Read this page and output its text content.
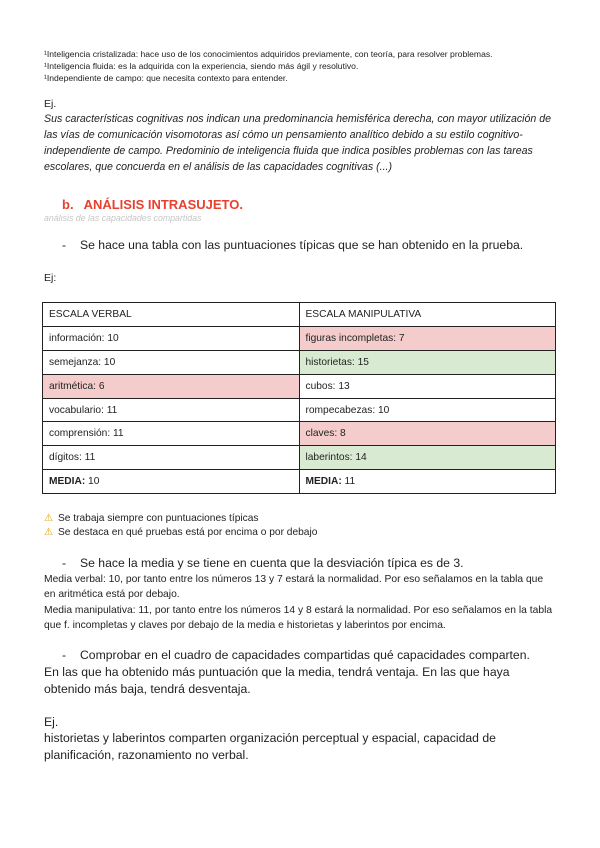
¹Inteligencia cristalizada: hace uso de los conocimientos adquiridos previamente, con teoría, para resolver problemas.
¹Inteligencia fluida: es la adquirida con la experiencia, siendo más ágil y resolutivo.
¹Independiente de campo: que necesita contexto para entender.
Ej.
Sus características cognitivas nos indican una predominancia hemisférica derecha, con mayor utilización de las vías de comunicación visomotoras así cómo un pensamiento analítico debido a su estilo cognitivo-independiente de campo. Predominio de inteligencia fluida que indica posibles problemas con las tareas escolares, que concuerda en el análisis de las capacidades cognitivas (...)
b. ANÁLISIS INTRASUJETO.
análisis de las capacidades compartidas
- Se hace una tabla con las puntuaciones típicas que se han obtenido en la prueba.
Ej:
ESCALA VERBAL	ESCALA MANIPULATIVA
información: 10	figuras incompletas: 7
semejanza: 10	historietas: 15
aritmética: 6	cubos: 13
vocabulario: 11	rompecabezas: 10
comprensión: 11	claves: 8
dígitos: 11	laberintos: 14
MEDIA: 10	MEDIA: 11
⚠ Se trabaja siempre con puntuaciones típicas
⚠ Se destaca en qué pruebas está por encima o por debajo
- Se hace la media y se tiene en cuenta que la desviación típica es de 3.
Media verbal: 10, por tanto entre los números 13 y 7 estará la normalidad. Por eso señalamos en la tabla que en aritmética está por debajo.
Media manipulativa: 11, por tanto entre los números 14 y 8 estará la normalidad. Por eso señalamos en la tabla que f. incompletas y claves por debajo de la media e historietas y laberintos por encima.
- Comprobar en el cuadro de capacidades compartidas qué capacidades comparten.
En las que ha obtenido más puntuación que la media, tendrá ventaja. En las que haya obtenido más baja, tendrá desventaja.
Ej.
historietas y laberintos comparten organización perceptual y espacial, capacidad de planificación, razonamiento no verbal.
